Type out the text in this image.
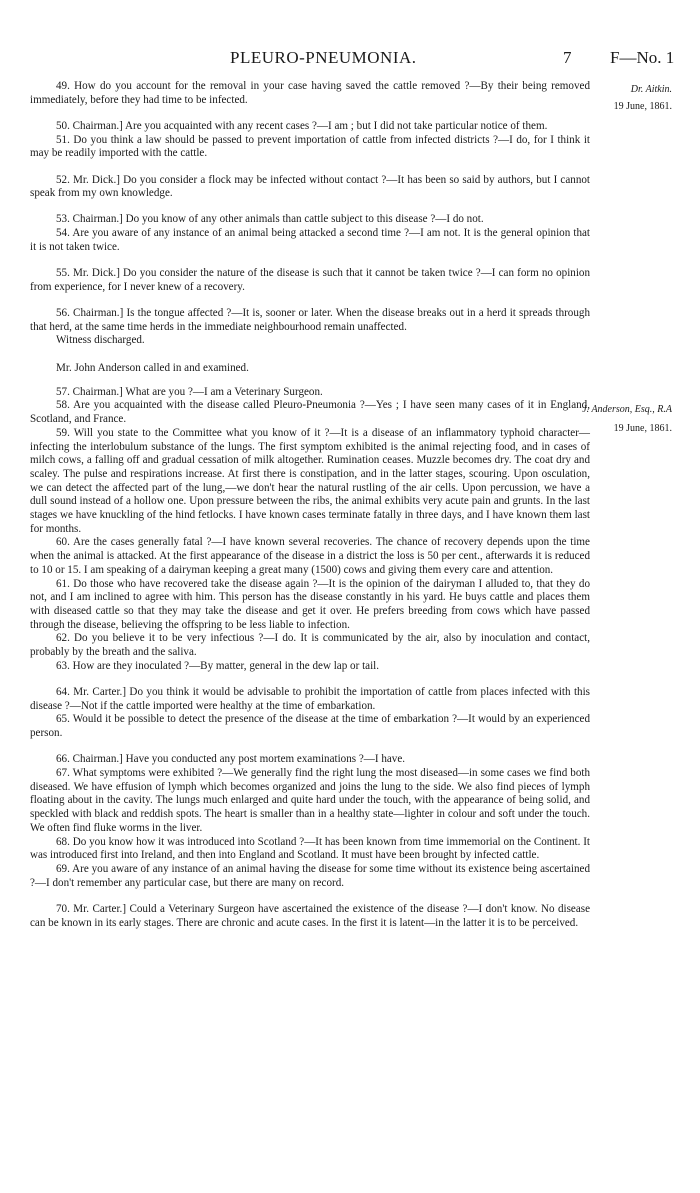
PLEURO-PNEUMONIA.	7 F—No. 1
Dr. Aitkin.
19 June, 1861.
J. Anderson, Esq., R.A
19 June, 1861.

49. How do you account for the removal in your case having saved the cattle removed ?—By their being removed immediately, before they had time to be infected.

50. Chairman.] Are you acquainted with any recent cases ?—I am ; but I did not take particular notice of them.

51. Do you think a law should be passed to prevent importation of cattle from infected districts ?—I do, for I think it may be readily imported with the cattle.

52. Mr. Dick.] Do you consider a flock may be infected without contact ?—It has been so said by authors, but I cannot speak from my own knowledge.

53. Chairman.] Do you know of any other animals than cattle subject to this disease ?—I do not.

54. Are you aware of any instance of an animal being attacked a second time ?—I am not. It is the general opinion that it is not taken twice.

55. Mr. Dick.] Do you consider the nature of the disease is such that it cannot be taken twice ?—I can form no opinion from experience, for I never knew of a recovery.

56. Chairman.] Is the tongue affected ?—It is, sooner or later. When the disease breaks out in a herd it spreads through that herd, at the same time herds in the immediate neighbourhood remain unaffected.

Witness discharged.

Mr. John Anderson called in and examined.

57. Chairman.] What are you ?—I am a Veterinary Surgeon.

58. Are you acquainted with the disease called Pleuro-Pneumonia ?—Yes ; I have seen many cases of it in England, Scotland, and France.

59. Will you state to the Committee what you know of it ?—It is a disease of an inflammatory typhoid character—infecting the interlobulum substance of the lungs. The first symptom exhibited is the animal rejecting food, and in cases of milch cows, a falling off and gradual cessation of milk altogether. Rumination ceases. Muzzle becomes dry. The coat dry and scaley. The pulse and respirations increase. At first there is constipation, and in the latter stages, scouring. Upon osculation, we can detect the affected part of the lung,—we don't hear the natural rustling of the air cells. Upon percussion, we have a dull sound instead of a hollow one. Upon pressure between the ribs, the animal exhibits very acute pain and grunts. In the last stages we have knuckling of the hind fetlocks. I have known cases terminate fatally in three days, and I have known them last for months.

60. Are the cases generally fatal ?—I have known several recoveries. The chance of recovery depends upon the time when the animal is attacked. At the first appearance of the disease in a district the loss is 50 per cent., afterwards it is reduced to 10 or 15. I am speaking of a dairyman keeping a great many (1500) cows and giving them every care and attention.

61. Do those who have recovered take the disease again ?—It is the opinion of the dairyman I alluded to, that they do not, and I am inclined to agree with him. This person has the disease constantly in his yard. He buys cattle and places them with diseased cattle so that they may take the disease and get it over. He prefers breeding from cows which have passed through the disease, believing the offspring to be less liable to infection.

62. Do you believe it to be very infectious ?—I do. It is communicated by the air, also by inoculation and contact, probably by the breath and the saliva.

63. How are they inoculated ?—By matter, general in the dew lap or tail.

64. Mr. Carter.] Do you think it would be advisable to prohibit the importation of cattle from places infected with this disease ?—Not if the cattle imported were healthy at the time of embarkation.

65. Would it be possible to detect the presence of the disease at the time of embarkation ?—It would by an experienced person.

66. Chairman.] Have you conducted any post mortem examinations ?—I have.

67. What symptoms were exhibited ?—We generally find the right lung the most diseased—in some cases we find both diseased. We have effusion of lymph which becomes organized and joins the lung to the side. We also find pieces of lymph floating about in the cavity. The lungs much enlarged and quite hard under the touch, with the appearance of being solid, and speckled with black and reddish spots. The heart is smaller than in a healthy state—lighter in colour and soft under the touch. We often find fluke worms in the liver.

68. Do you know how it was introduced into Scotland ?—It has been known from time immemorial on the Continent. It was introduced first into Ireland, and then into England and Scotland. It must have been brought by infected cattle.

69. Are you aware of any instance of an animal having the disease for some time without its existence being ascertained ?—I don't remember any particular case, but there are many on record.

70. Mr. Carter.] Could a Veterinary Surgeon have ascertained the existence of the disease ?—I don't know. No disease can be known in its early stages. There are chronic and acute cases. In the first it is latent—in the latter it is to be perceived.
